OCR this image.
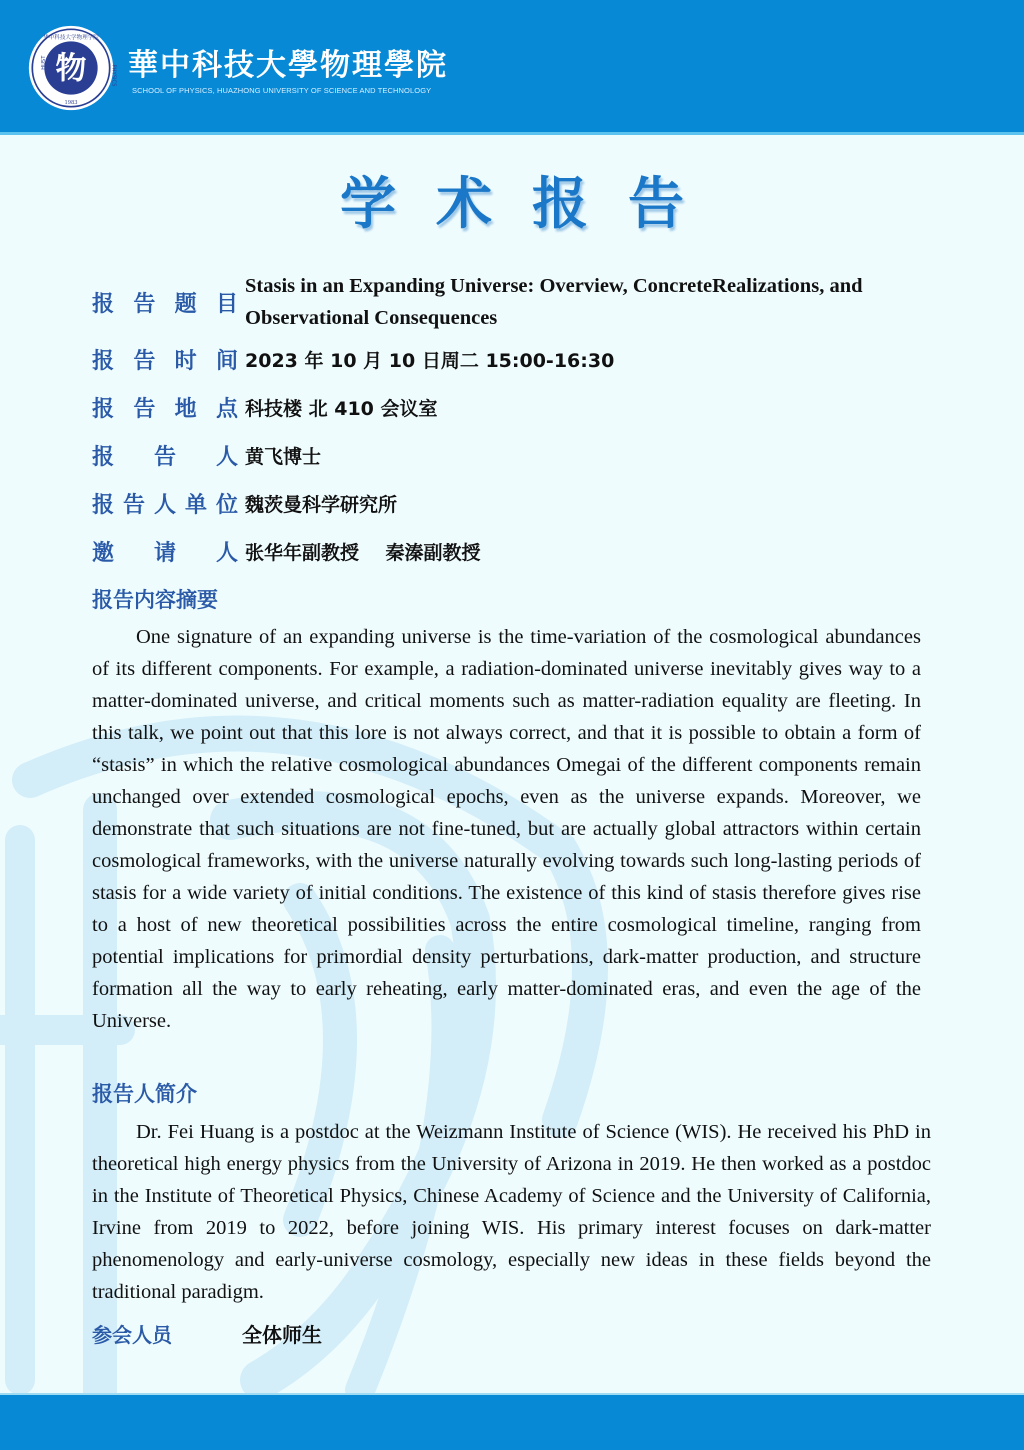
物
华中科技大学物理学院
HUST
PHYSICS
1983
華中科技大學物理學院
SCHOOL OF PHYSICS, HUAZHONG UNIVERSITY OF SCIENCE AND TECHNOLOGY
学术报告
报 告 题 目
Stasis in an Expanding Universe: Overview, ConcreteRealizations, and Observational Consequences
报 告 时 间 2023 年 10 月 10 日周二 15:00-16:30
报 告 地 点 科技楼 北 410 会议室
报 告 人 黄飞博士
报 告 人 单 位 魏茨曼科学研究所
邀 请 人 张华年副教授    秦溱副教授
报告内容摘要

One signature of an expanding universe is the time-variation of the cosmological abundances of its different components. For example, a radiation-dominated universe inevitably gives way to a matter-dominated universe, and critical moments such as matter-radiation equality are fleeting. In this talk, we point out that this lore is not always correct, and that it is possible to obtain a form of “stasis” in which the relative cosmological abundances Omegai of the different components remain unchanged over extended cosmological epochs, even as the universe expands. Moreover, we demonstrate that such situations are not fine-tuned, but are actually global attractors within certain cosmological frameworks, with the universe naturally evolving towards such long-lasting periods of stasis for a wide variety of initial conditions. The existence of this kind of stasis therefore gives rise to a host of new theoretical possibilities across the entire cosmological timeline, ranging from potential implications for primordial density perturbations, dark-matter production, and structure formation all the way to early reheating, early matter-dominated eras, and even the age of the Universe.

报告人简介

Dr. Fei Huang is a postdoc at the Weizmann Institute of Science (WIS). He received his PhD in theoretical high energy physics from the University of Arizona in 2019. He then worked as a postdoc in the Institute of Theoretical Physics, Chinese Academy of Science and the University of California, Irvine from 2019 to 2022, before joining WIS. His primary interest focuses on dark-matter phenomenology and early-universe cosmology, especially new ideas in these fields beyond the traditional paradigm.

参会人员	全体师生
